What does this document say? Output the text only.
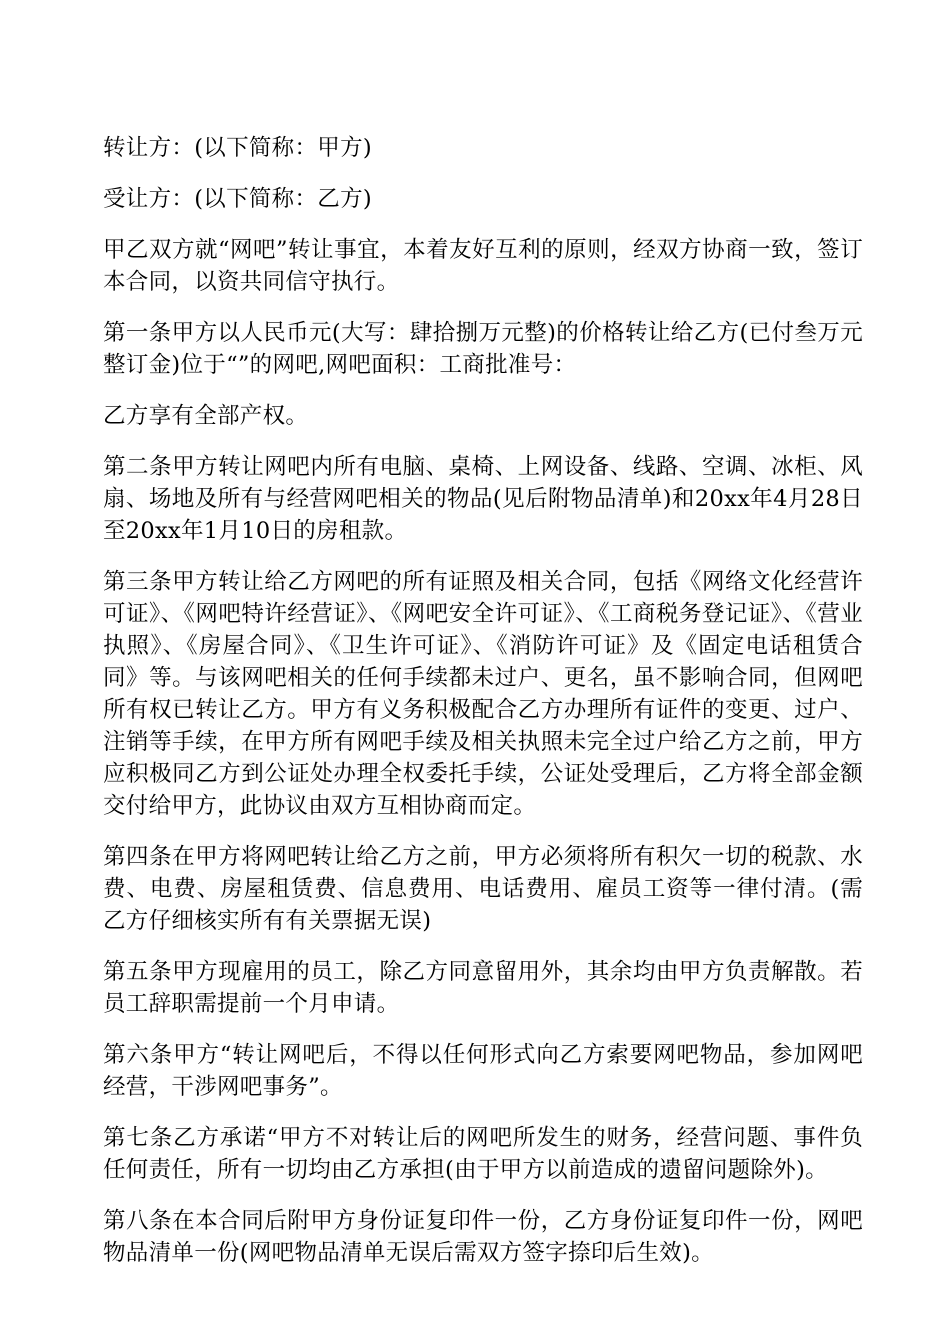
转让方：(以下简称：甲方)

受让方：(以下简称：乙方)

甲乙双方就“网吧”转让事宜，本着友好互利的原则，经双方协商一致，签订本合同，以资共同信守执行。

第一条甲方以人民币元(大写：肆拾捌万元整)的价格转让给乙方(已付叁万元整订金)位于“”的网吧,网吧面积：工商批准号：

乙方享有全部产权。

第二条甲方转让网吧内所有电脑、桌椅、上网设备、线路、空调、冰柜、风扇、场地及所有与经营网吧相关的物品(见后附物品清单)和20xx年4月28日至20xx年1月10日的房租款。

第三条甲方转让给乙方网吧的所有证照及相关合同，包括《网络文化经营许可证》、《网吧特许经营证》、《网吧安全许可证》、《工商税务登记证》、《营业执照》、《房屋合同》、《卫生许可证》、《消防许可证》及《固定电话租赁合同》等。与该网吧相关的任何手续都未过户、更名，虽不影响合同，但网吧所有权已转让乙方。甲方有义务积极配合乙方办理所有证件的变更、过户、注销等手续，在甲方所有网吧手续及相关执照未完全过户给乙方之前，甲方应积极同乙方到公证处办理全权委托手续，公证处受理后，乙方将全部金额交付给甲方，此协议由双方互相协商而定。

第四条在甲方将网吧转让给乙方之前，甲方必须将所有积欠一切的税款、水费、电费、房屋租赁费、信息费用、电话费用、雇员工资等一律付清。(需乙方仔细核实所有有关票据无误)

第五条甲方现雇用的员工，除乙方同意留用外，其余均由甲方负责解散。若员工辞职需提前一个月申请。

第六条甲方“转让网吧后，不得以任何形式向乙方索要网吧物品，参加网吧经营，干涉网吧事务”。

第七条乙方承诺“甲方不对转让后的网吧所发生的财务，经营问题、事件负任何责任，所有一切均由乙方承担(由于甲方以前造成的遗留问题除外)。

第八条在本合同后附甲方身份证复印件一份，乙方身份证复印件一份，网吧物品清单一份(网吧物品清单无误后需双方签字捺印后生效)。
